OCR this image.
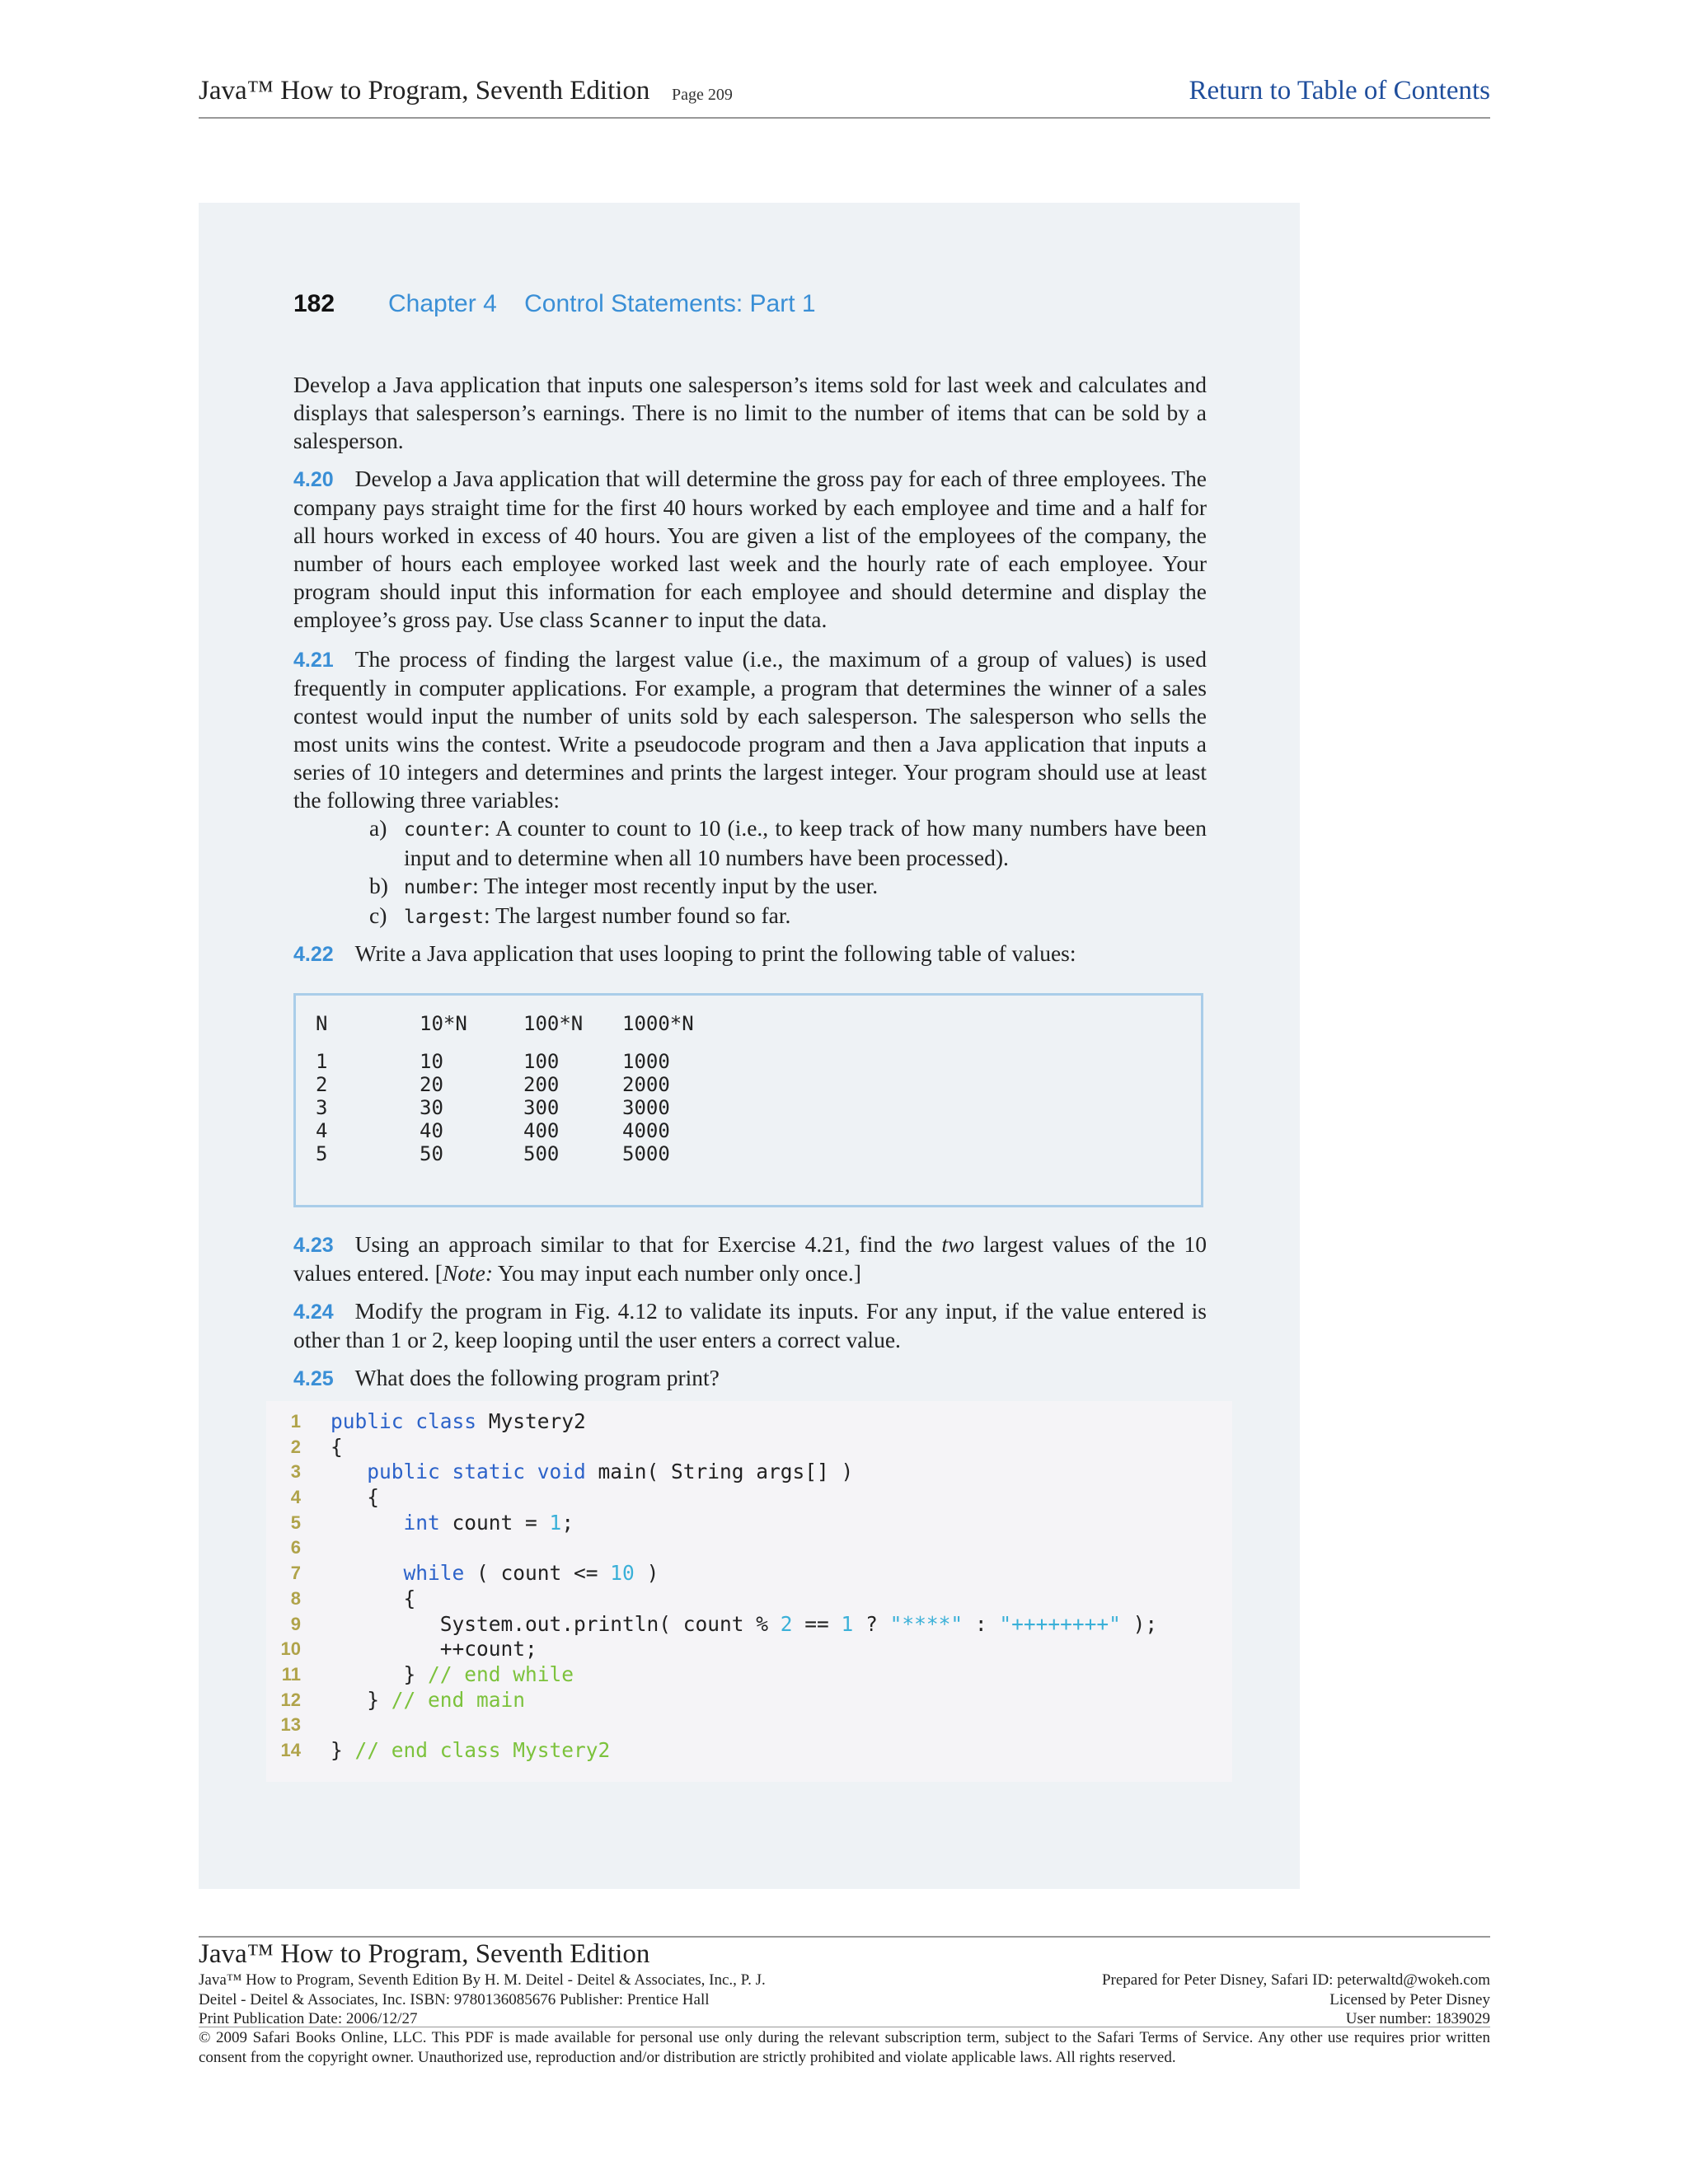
Java™ How to Program, Seventh Edition Page 209	Return to Table of Contents
182 Chapter 4    Control Statements: Part 1

Develop a Java application that inputs one salesperson’s items sold for last week and calculates and displays that salesperson’s earnings. There is no limit to the number of items that can be sold by a salesperson.

4.20 Develop a Java application that will determine the gross pay for each of three employees. The company pays straight time for the first 40 hours worked by each employee and time and a half for all hours worked in excess of 40 hours. You are given a list of the employees of the company, the number of hours each employee worked last week and the hourly rate of each employee. Your program should input this information for each employee and should determine and display the employee’s gross pay. Use class Scanner to input the data.

4.21 The process of finding the largest value (i.e., the maximum of a group of values) is used frequently in computer applications. For example, a program that determines the winner of a sales contest would input the number of units sold by each salesperson. The salesperson who sells the most units wins the contest. Write a pseudocode program and then a Java application that inputs a series of 10 integers and determines and prints the largest integer. Your program should use at least the following three variables:

a) counter: A counter to count to 10 (i.e., to keep track of how many numbers have been input and to determine when all 10 numbers have been processed).
b) number: The integer most recently input by the user.
c) largest: The largest number found so far.

4.22 Write a Java application that uses looping to print the following table of values:

N	10*N	100*N 1000*N
1	10	100	1000
2	20	200	2000
3	30	300	3000
4	40	400	4000
5	50	500	5000

4.23 Using an approach similar to that for Exercise 4.21, find the two largest values of the 10 values entered. [Note: You may input each number only once.]

4.24 Modify the program in Fig. 4.12 to validate its inputs. For any input, if the value entered is other than 1 or 2, keep looping until the user enters a correct value.

4.25 What does the following program print?

1 public class Mystery2
2 {
3	public static void main( String args[] )
4 {
5	int count = 1;
6
7	while ( count <= 10 )
8 {
9 System.out.println( count % 2 == 1 ? "****" : "++++++++" );
10 ++count;
11 } // end while
12 } // end main
13
14 } // end class Mystery2
Java™ How to Program, Seventh Edition
Java™ How to Program, Seventh Edition By H. M. Deitel - Deitel & Associates, Inc., P. J.
Deitel - Deitel & Associates, Inc. ISBN: 9780136085676 Publisher: Prentice Hall
Print Publication Date: 2006/12/27
Prepared for Peter Disney, Safari ID: peterwaltd@wokeh.com
Licensed by Peter Disney
User number: 1839029
© 2009 Safari Books Online, LLC. This PDF is made available for personal use only during the relevant subscription term, subject to the Safari Terms of Service. Any other use requires prior written consent from the copyright owner. Unauthorized use, reproduction and/or distribution are strictly prohibited and violate applicable laws. All rights reserved.
